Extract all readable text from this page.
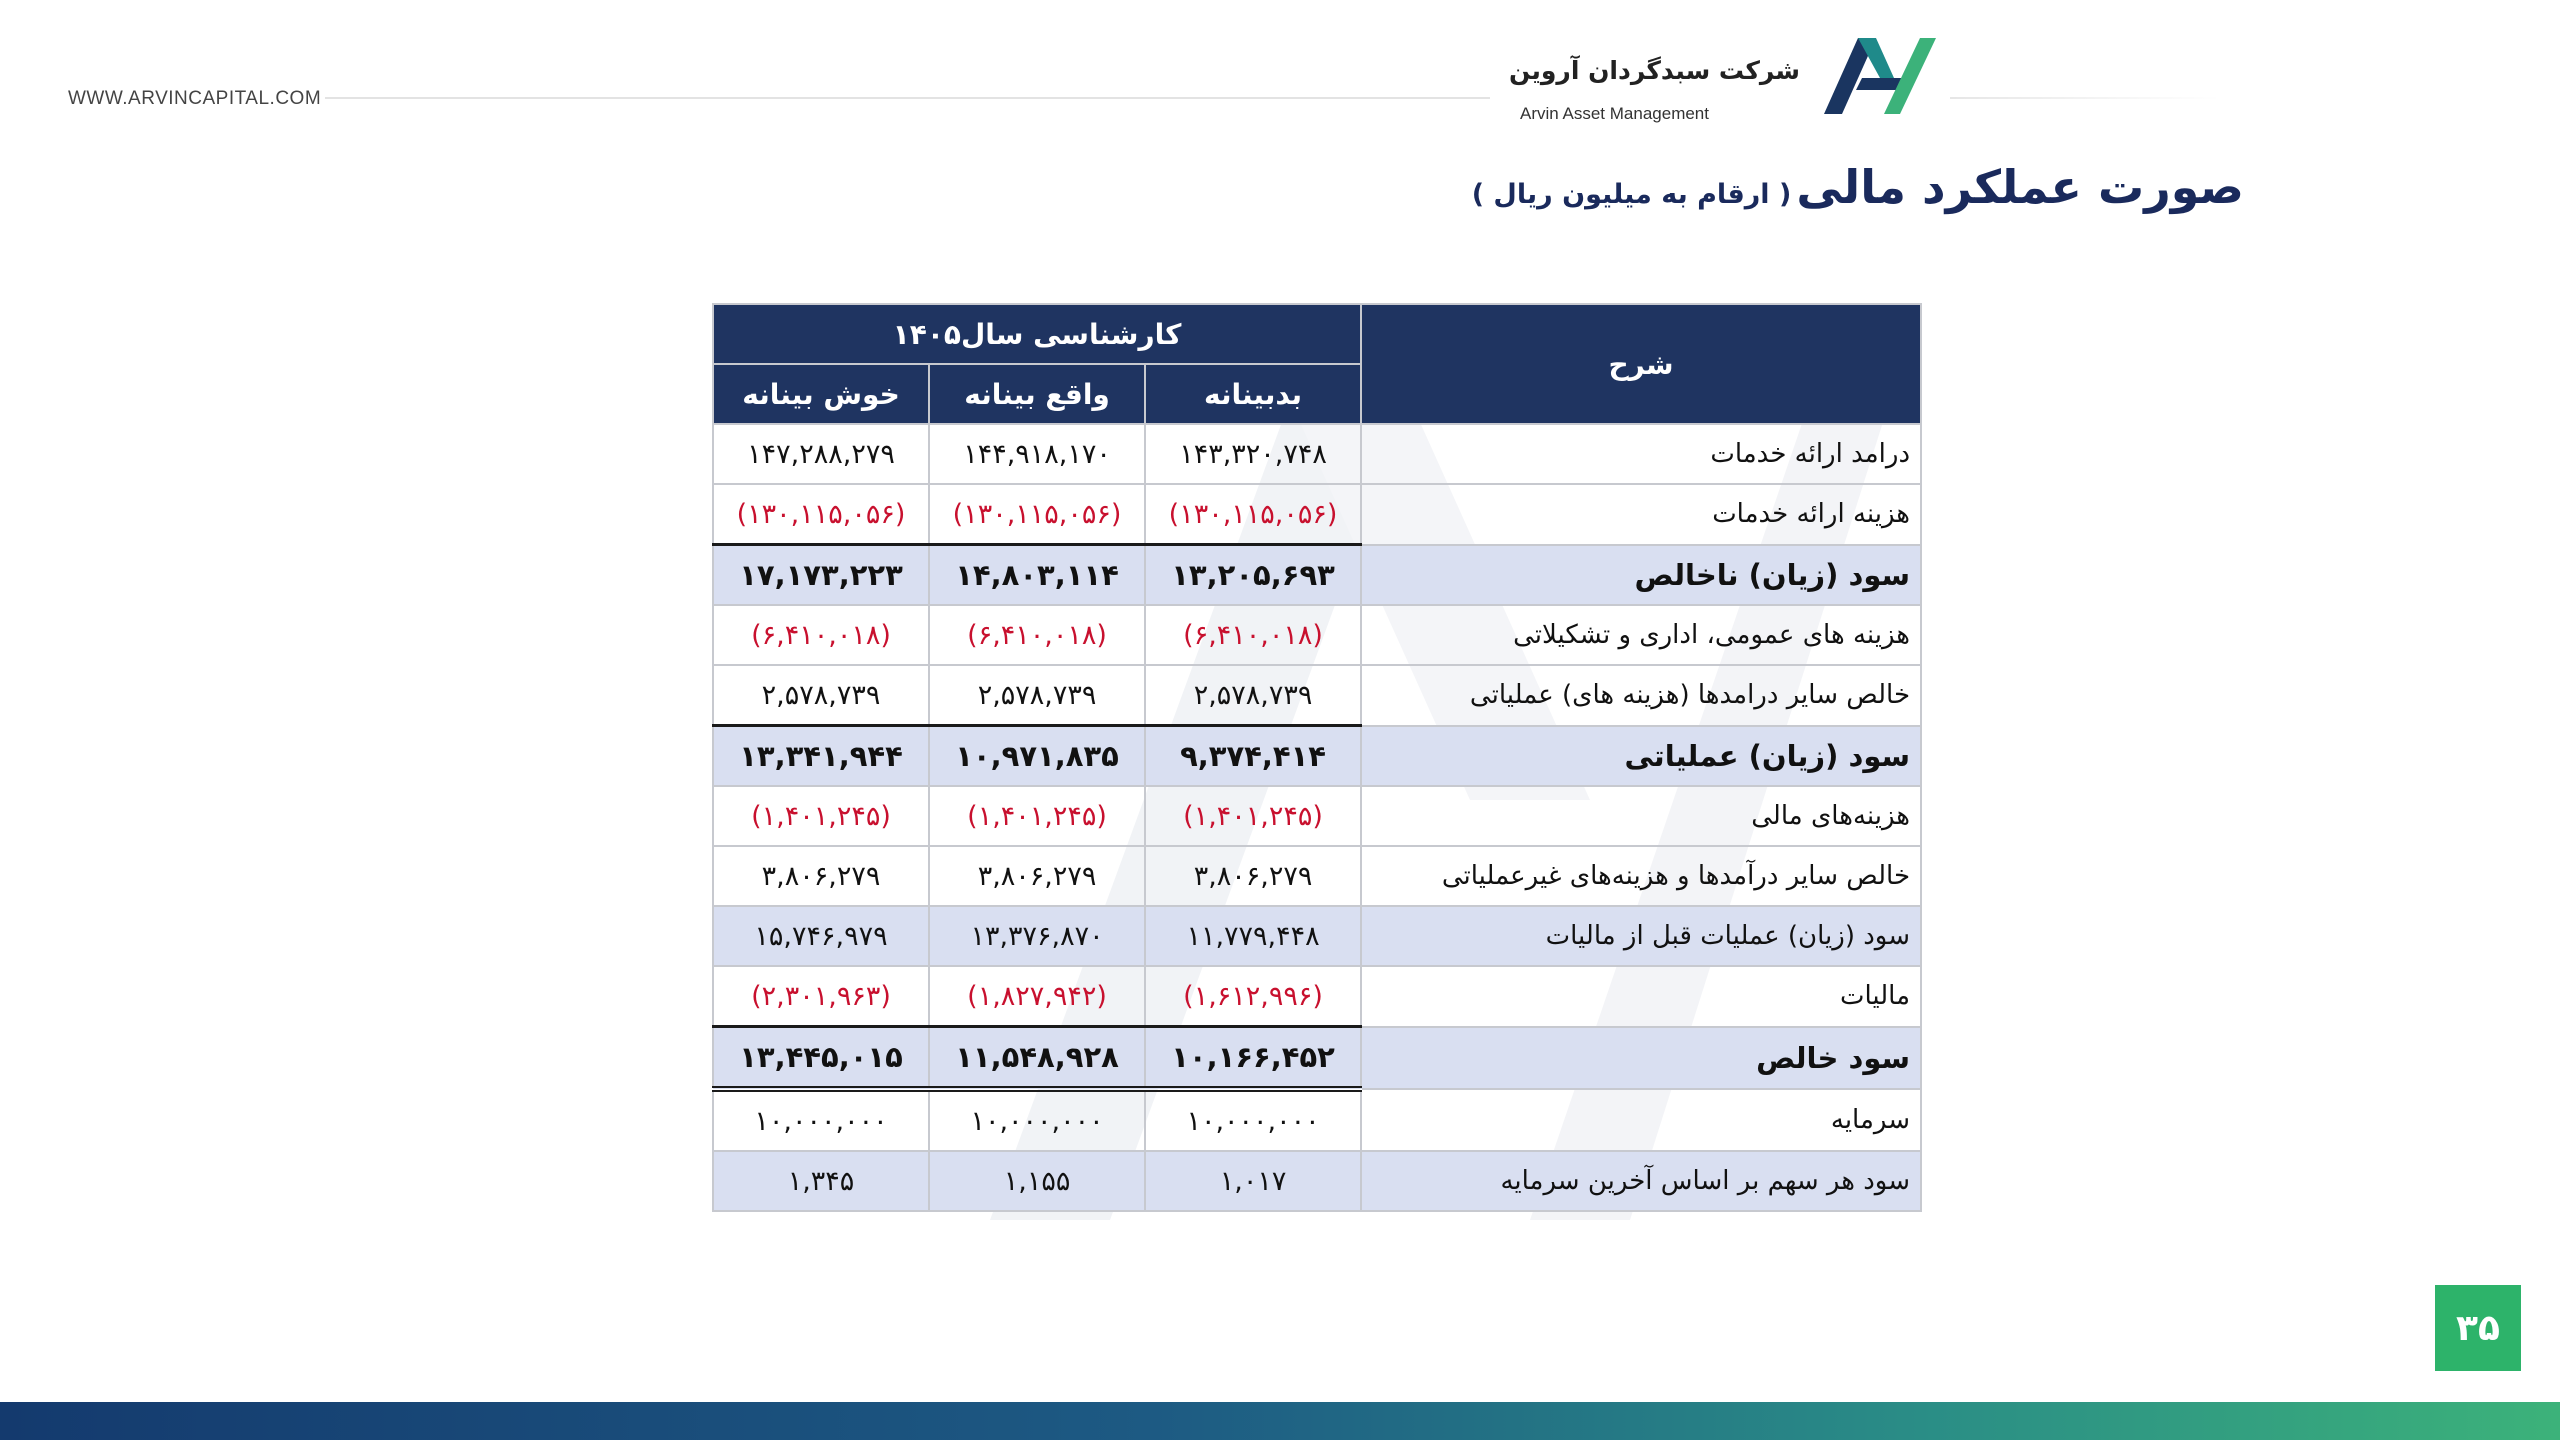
WWW.ARVINCAPITAL.COM
شرکت سبدگردان آروین
Arvin Asset Management
صورت عملکرد مالی ( ارقام به میلیون ریال )
شرح	کارشناسی سال۱۴۰۵		
	بدبینانه	واقع بینانه	خوش بینانه
درامد ارائه خدمات	۱۴۳,۳۲۰,۷۴۸	۱۴۴,۹۱۸,۱۷۰	۱۴۷,۲۸۸,۲۷۹
هزینه ارائه خدمات	(۱۳۰,۱۱۵,۰۵۶)	(۱۳۰,۱۱۵,۰۵۶)	(۱۳۰,۱۱۵,۰۵۶)
سود (زیان) ناخالص	۱۳,۲۰۵,۶۹۳	۱۴,۸۰۳,۱۱۴	۱۷,۱۷۳,۲۲۳
هزینه های عمومی، اداری و تشکیلاتی	(۶,۴۱۰,۰۱۸)	(۶,۴۱۰,۰۱۸)	(۶,۴۱۰,۰۱۸)
خالص سایر درامدها (هزینه های) عملیاتی	۲,۵۷۸,۷۳۹	۲,۵۷۸,۷۳۹	۲,۵۷۸,۷۳۹
سود (زیان) عملیاتی	۹,۳۷۴,۴۱۴	۱۰,۹۷۱,۸۳۵	۱۳,۳۴۱,۹۴۴
هزینه‌های مالی	(۱,۴۰۱,۲۴۵)	(۱,۴۰۱,۲۴۵)	(۱,۴۰۱,۲۴۵)
خالص سایر درآمدها و هزینه‌های غیرعملیاتی	۳,۸۰۶,۲۷۹	۳,۸۰۶,۲۷۹	۳,۸۰۶,۲۷۹
سود (زیان) عملیات قبل از مالیات	۱۱,۷۷۹,۴۴۸	۱۳,۳۷۶,۸۷۰	۱۵,۷۴۶,۹۷۹
مالیات	(۱,۶۱۲,۹۹۶)	(۱,۸۲۷,۹۴۲)	(۲,۳۰۱,۹۶۳)
سود خالص	۱۰,۱۶۶,۴۵۲	۱۱,۵۴۸,۹۲۸	۱۳,۴۴۵,۰۱۵
سرمایه	۱۰,۰۰۰,۰۰۰	۱۰,۰۰۰,۰۰۰	۱۰,۰۰۰,۰۰۰
سود هر سهم بر اساس آخرین سرمایه	۱,۰۱۷	۱,۱۵۵	۱,۳۴۵
۳۵
